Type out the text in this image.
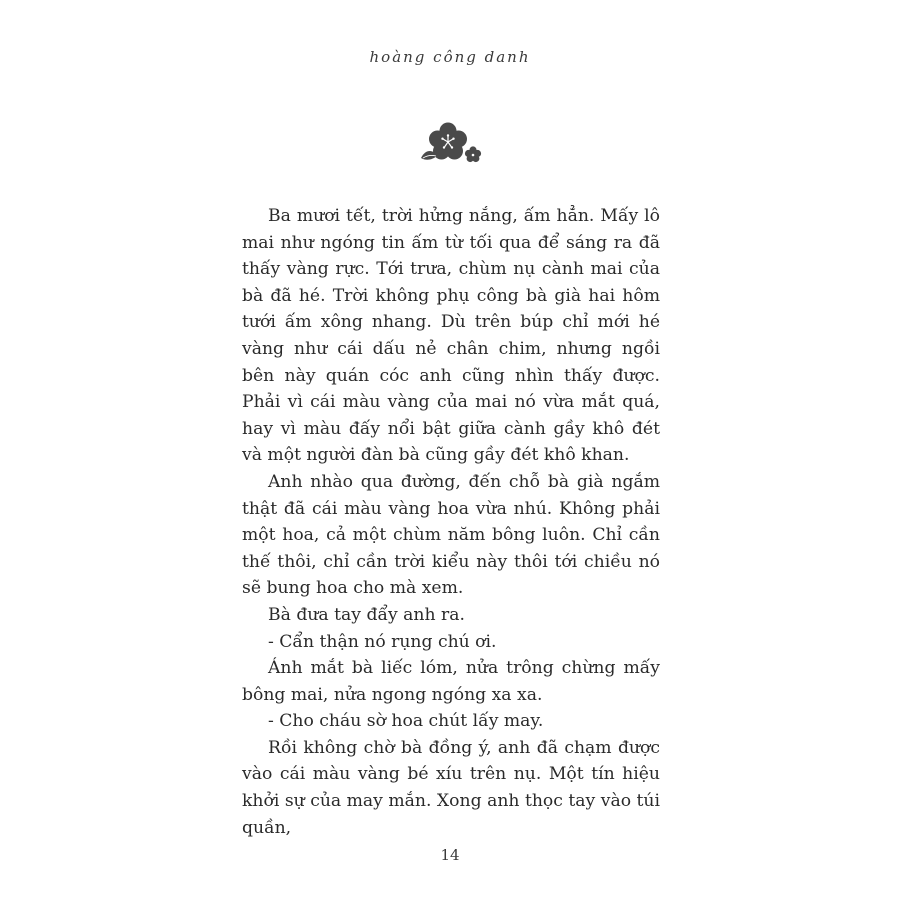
hoàng công danh

Ba mươi tết, trời hửng nắng, ấm hẳn. Mấy lô mai như ngóng tin ấm từ tối qua để sáng ra đã thấy vàng rực. Tới trưa, chùm nụ cành mai của bà đã hé. Trời không phụ công bà già hai hôm tưới ấm xông nhang. Dù trên búp chỉ mới hé vàng như cái dấu nẻ chân chim, nhưng ngồi bên này quán cóc anh cũng nhìn thấy được. Phải vì cái màu vàng của mai nó vừa mắt quá, hay vì màu đấy nổi bật giữa cành gầy khô đét và một người đàn bà cũng gầy đét khô khan.

Anh nhào qua đường, đến chỗ bà già ngắm thật đã cái màu vàng hoa vừa nhú. Không phải một hoa, cả một chùm năm bông luôn. Chỉ cần thế thôi, chỉ cần trời kiểu này thôi tới chiều nó sẽ bung hoa cho mà xem.

Bà đưa tay đẩy anh ra.

- Cẩn thận nó rụng chú ơi.

Ánh mắt bà liếc lóm, nửa trông chừng mấy bông mai, nửa ngong ngóng xa xa.

- Cho cháu sờ hoa chút lấy may.

Rồi không chờ bà đồng ý, anh đã chạm được vào cái màu vàng bé xíu trên nụ. Một tín hiệu khởi sự của may mắn. Xong anh thọc tay vào túi quần,

14
